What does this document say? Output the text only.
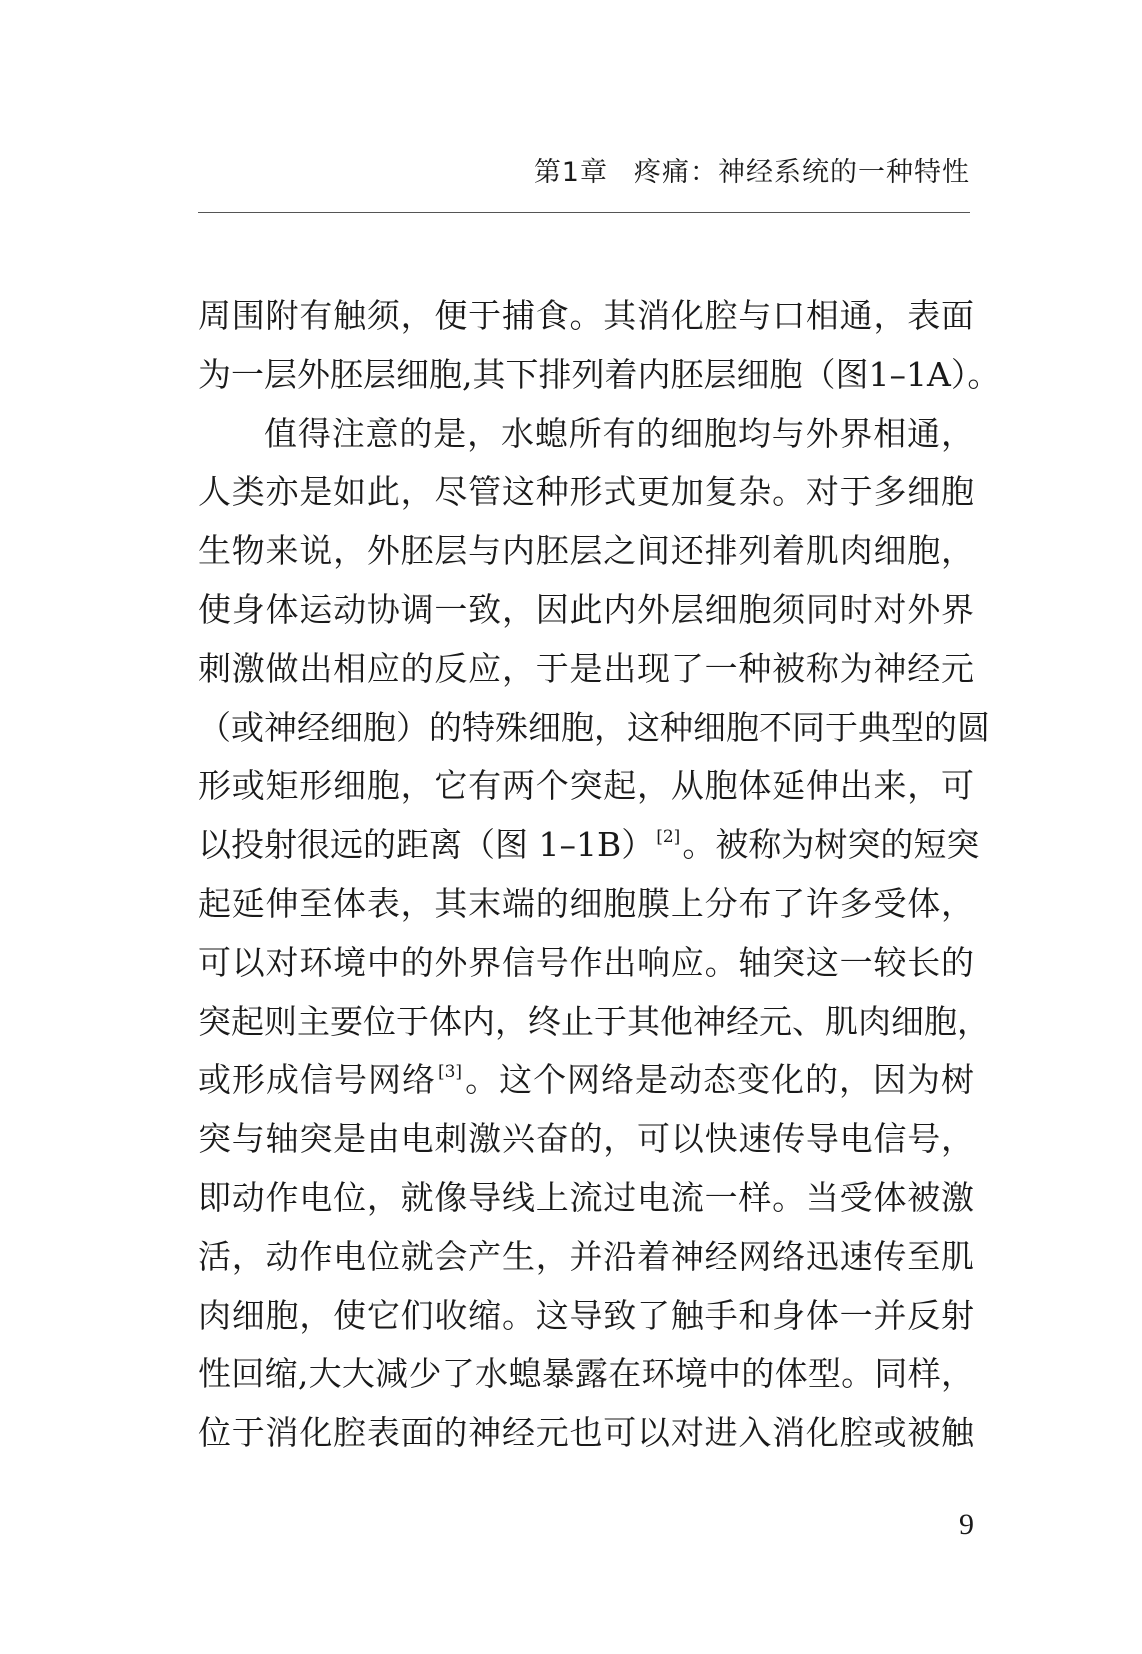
第1章 疼痛：神经系统的一种特性
周围附有触须，便于捕食。其消化腔与口相通，表面
为一层外胚层细胞,其下排列着内胚层细胞（图1–1A）。
值得注意的是，水螅所有的细胞均与外界相通，
人类亦是如此，尽管这种形式更加复杂。对于多细胞
生物来说，外胚层与内胚层之间还排列着肌肉细胞，
使身体运动协调一致，因此内外层细胞须同时对外界
刺激做出相应的反应，于是出现了一种被称为神经元
（或神经细胞）的特殊细胞，这种细胞不同于典型的圆
形或矩形细胞，它有两个突起，从胞体延伸出来，可
以投射很远的距离（图 1–1B） [2]。被称为树突的短突
起延伸至体表，其末端的细胞膜上分布了许多受体，
可以对环境中的外界信号作出响应。轴突这一较长的
突起则主要位于体内，终止于其他神经元、肌肉细胞，
或形成信号网络 [3]。这个网络是动态变化的，因为树
突与轴突是由电刺激兴奋的，可以快速传导电信号，
即动作电位，就像导线上流过电流一样。当受体被激
活，动作电位就会产生，并沿着神经网络迅速传至肌
肉细胞，使它们收缩。这导致了触手和身体一并反射
性回缩,大大减少了水螅暴露在环境中的体型。同样，
位于消化腔表面的神经元也可以对进入消化腔或被触
9
